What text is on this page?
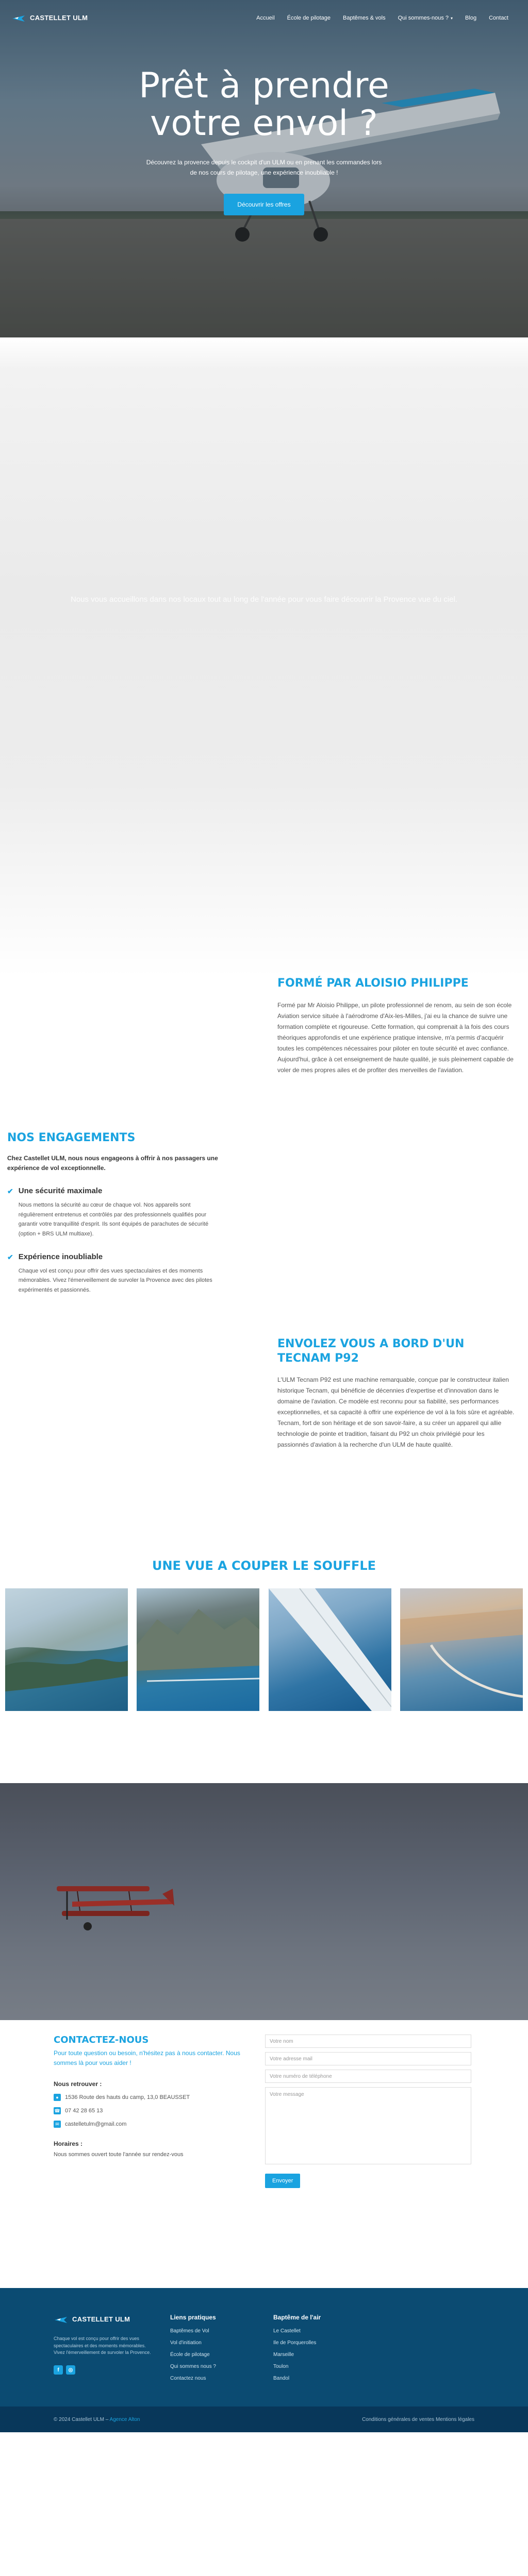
CASTELLET ULM	Accueil	École de pilotage	Baptêmes & vols	Qui sommes-nous ? ▾	Blog	Contact
Prêt à prendre votre envol ?

Découvrez la provence depuis le cockpit d'un ULM ou en prenant les commandes lors de nos cours de pilotage, une expérience inoubliable !

Découvrir les offres

Nous vous accueillons dans nos locaux tout au long de l'année pour vous faire découvrir la Provence vue du ciel.

FORMÉ PAR ALOISIO PHILIPPE

Formé par Mr Aloisio Philippe, un pilote professionnel de renom, au sein de son école Aviation service située à l'aérodrome d'Aix-les-Milles, j'ai eu la chance de suivre une formation complète et rigoureuse. Cette formation, qui comprenait à la fois des cours théoriques approfondis et une expérience pratique intensive, m'a permis d'acquérir toutes les compétences nécessaires pour piloter en toute sécurité et avec confiance. Aujourd'hui, grâce à cet enseignement de haute qualité, je suis pleinement capable de voler de mes propres ailes et de profiter des merveilles de l'aviation.

NOS ENGAGEMENTS

Chez Castellet ULM, nous nous engageons à offrir à nos passagers une expérience de vol exceptionnelle.

✔ Une sécurité maximale

Nous mettons la sécurité au cœur de chaque vol. Nos appareils sont régulièrement entretenus et contrôlés par des professionnels qualifiés pour garantir votre tranquillité d'esprit. Ils sont équipés de parachutes de sécurité (option + BRS ULM multiaxe).

✔ Expérience inoubliable

Chaque vol est conçu pour offrir des vues spectaculaires et des moments mémorables. Vivez l'émerveillement de survoler la Provence avec des pilotes expérimentés et passionnés.

ENVOLEZ VOUS A BORD D'UN TECNAM P92

L'ULM Tecnam P92 est une machine remarquable, conçue par le constructeur italien historique Tecnam, qui bénéficie de décennies d'expertise et d'innovation dans le domaine de l'aviation. Ce modèle est reconnu pour sa fiabilité, ses performances exceptionnelles, et sa capacité à offrir une expérience de vol à la fois sûre et agréable. Tecnam, fort de son héritage et de son savoir-faire, a su créer un appareil qui allie technologie de pointe et tradition, faisant du P92 un choix privilégié pour les passionnés d'aviation à la recherche d'un ULM de haute qualité.

UNE VUE A COUPER LE SOUFFLE
CONTACTEZ-NOUS

Pour toute question ou besoin, n'hésitez pas à nous contacter. Nous sommes là pour vous aider !

Nous retrouver :
●	1536 Route des hauts du camp, 13,0 BEAUSSET
☎ 07 42 28 65 13
✉ castelletulm@gmail.com
Horaires :

Nous sommes ouvert toute l'année sur rendez-vous

Votre nom
Votre adresse mail
Votre numéro de téléphone
Votre message
Envoyer
CASTELLET ULM

Chaque vol est conçu pour offrir des vues spectaculaires et des moments mémorables. Vivez l'émerveillement de survoler la Provence.

f	◎
Liens pratiques
Baptêmes de Vol
Vol d'initiation
École de pilotage
Qui sommes nous ?
Contactez nous
Baptême de l'air
Le Castellet
Ile de Porquerolles
Marseille
Toulon
Bandol
© 2024 Castellet ULM – Agence Alton	Conditions générales de ventes Mentions légales
